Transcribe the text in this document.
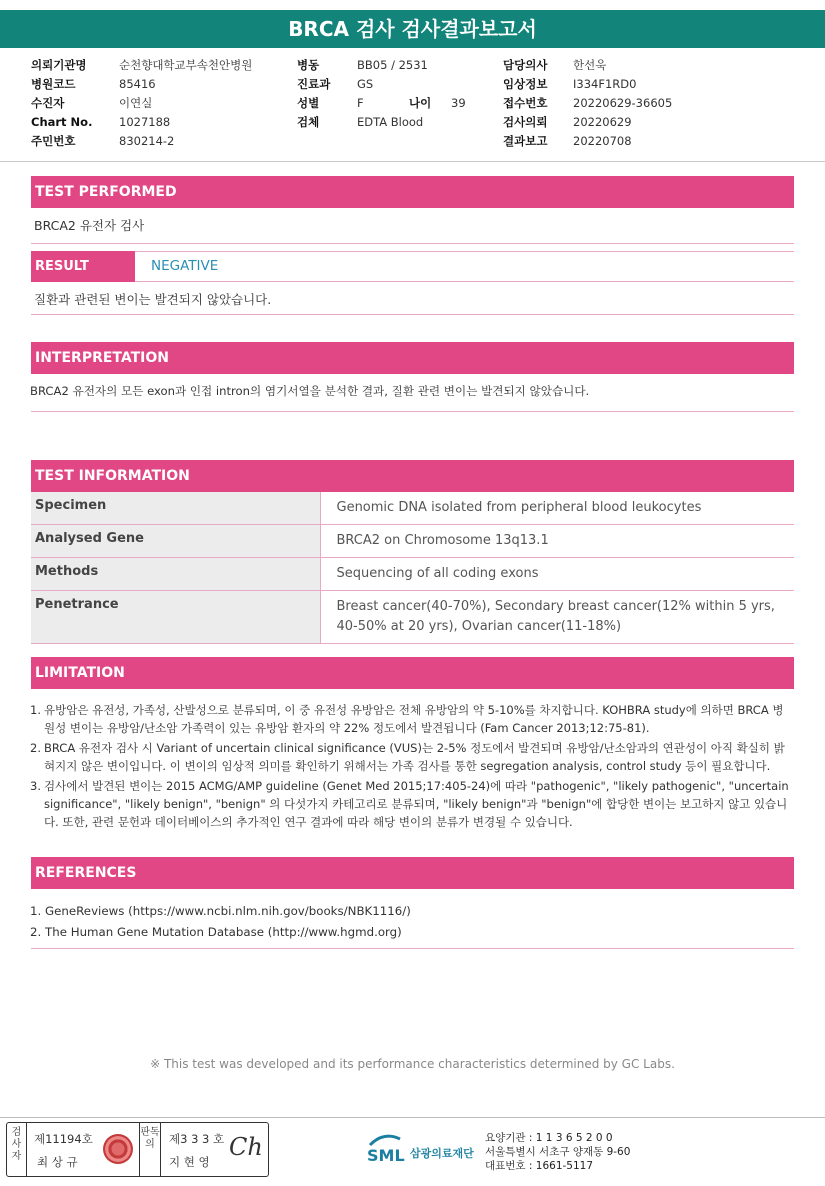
BRCA 검사 검사결과보고서
의뢰기관명	순천향대학교부속천안병원
병원코드	85416
수진자	이연실
Chart No. 1027188
주민번호	830214-2
병동	BB05 / 2531
진료과 GS
성별	F	나이 39
검체	EDTA Blood
담당의사 한선욱
임상정보 I334F1RD0
접수번호 20220629-36605
검사의뢰 20220629
결과보고 20220708
TEST PERFORMED
BRCA2 유전자 검사
RESULT	NEGATIVE
질환과 관련된 변이는 발견되지 않았습니다.
INTERPRETATION
BRCA2 유전자의 모든 exon과 인접 intron의 염기서열을 분석한 결과, 질환 관련 변이는 발견되지 않았습니다.
TEST INFORMATION
Specimen	Genomic DNA isolated from peripheral blood leukocytes
Analysed Gene	BRCA2 on Chromosome 13q13.1
Methods	Sequencing of all coding exons
Penetrance	Breast cancer(40-70%), Secondary breast cancer(12% within 5 yrs, 40-50% at 20 yrs), Ovarian cancer(11-18%)
LIMITATION
1. 유방암은 유전성, 가족성, 산발성으로 분류되며, 이 중 유전성 유방암은 전체 유방암의 약 5-10%를 차지합니다. KOHBRA study에 의하면 BRCA 병원성 변이는 유방암/난소암 가족력이 있는 유방암 환자의 약 22% 정도에서 발견됩니다 (Fam Cancer 2013;12:75-81).
2. BRCA 유전자 검사 시 Variant of uncertain clinical significance (VUS)는 2-5% 정도에서 발견되며 유방암/난소암과의 연관성이 아직 확실히 밝혀지지 않은 변이입니다. 이 변이의 임상적 의미를 확인하기 위해서는 가족 검사를 통한 segregation analysis, control study 등이 필요합니다.
3. 검사에서 발견된 변이는 2015 ACMG/AMP guideline (Genet Med 2015;17:405-24)에 따라 "pathogenic", "likely pathogenic", "uncertain significance", "likely benign", "benign" 의 다섯가지 카테고리로 분류되며, "likely benign"과 "benign"에 합당한 변이는 보고하지 않고 있습니다. 또한, 관련 문헌과 데이터베이스의 추가적인 연구 결과에 따라 해당 변이의 분류가 변경될 수 있습니다.
REFERENCES
1. GeneReviews (https://www.ncbi.nlm.nih.gov/books/NBK1116/)
2. The Human Gene Mutation Database (http://www.hgmd.org)
※ This test was developed and its performance characteristics determined by GC Labs.
검사자
제11194호
최 상 규
판독의	제3 3 3 호
지 현 영
Ch	SML 삼광의료재단
요양기관 : 1 1 3 6 5 2 0 0
서울특별시 서초구 양재동 9-60
대표번호 : 1661-5117
